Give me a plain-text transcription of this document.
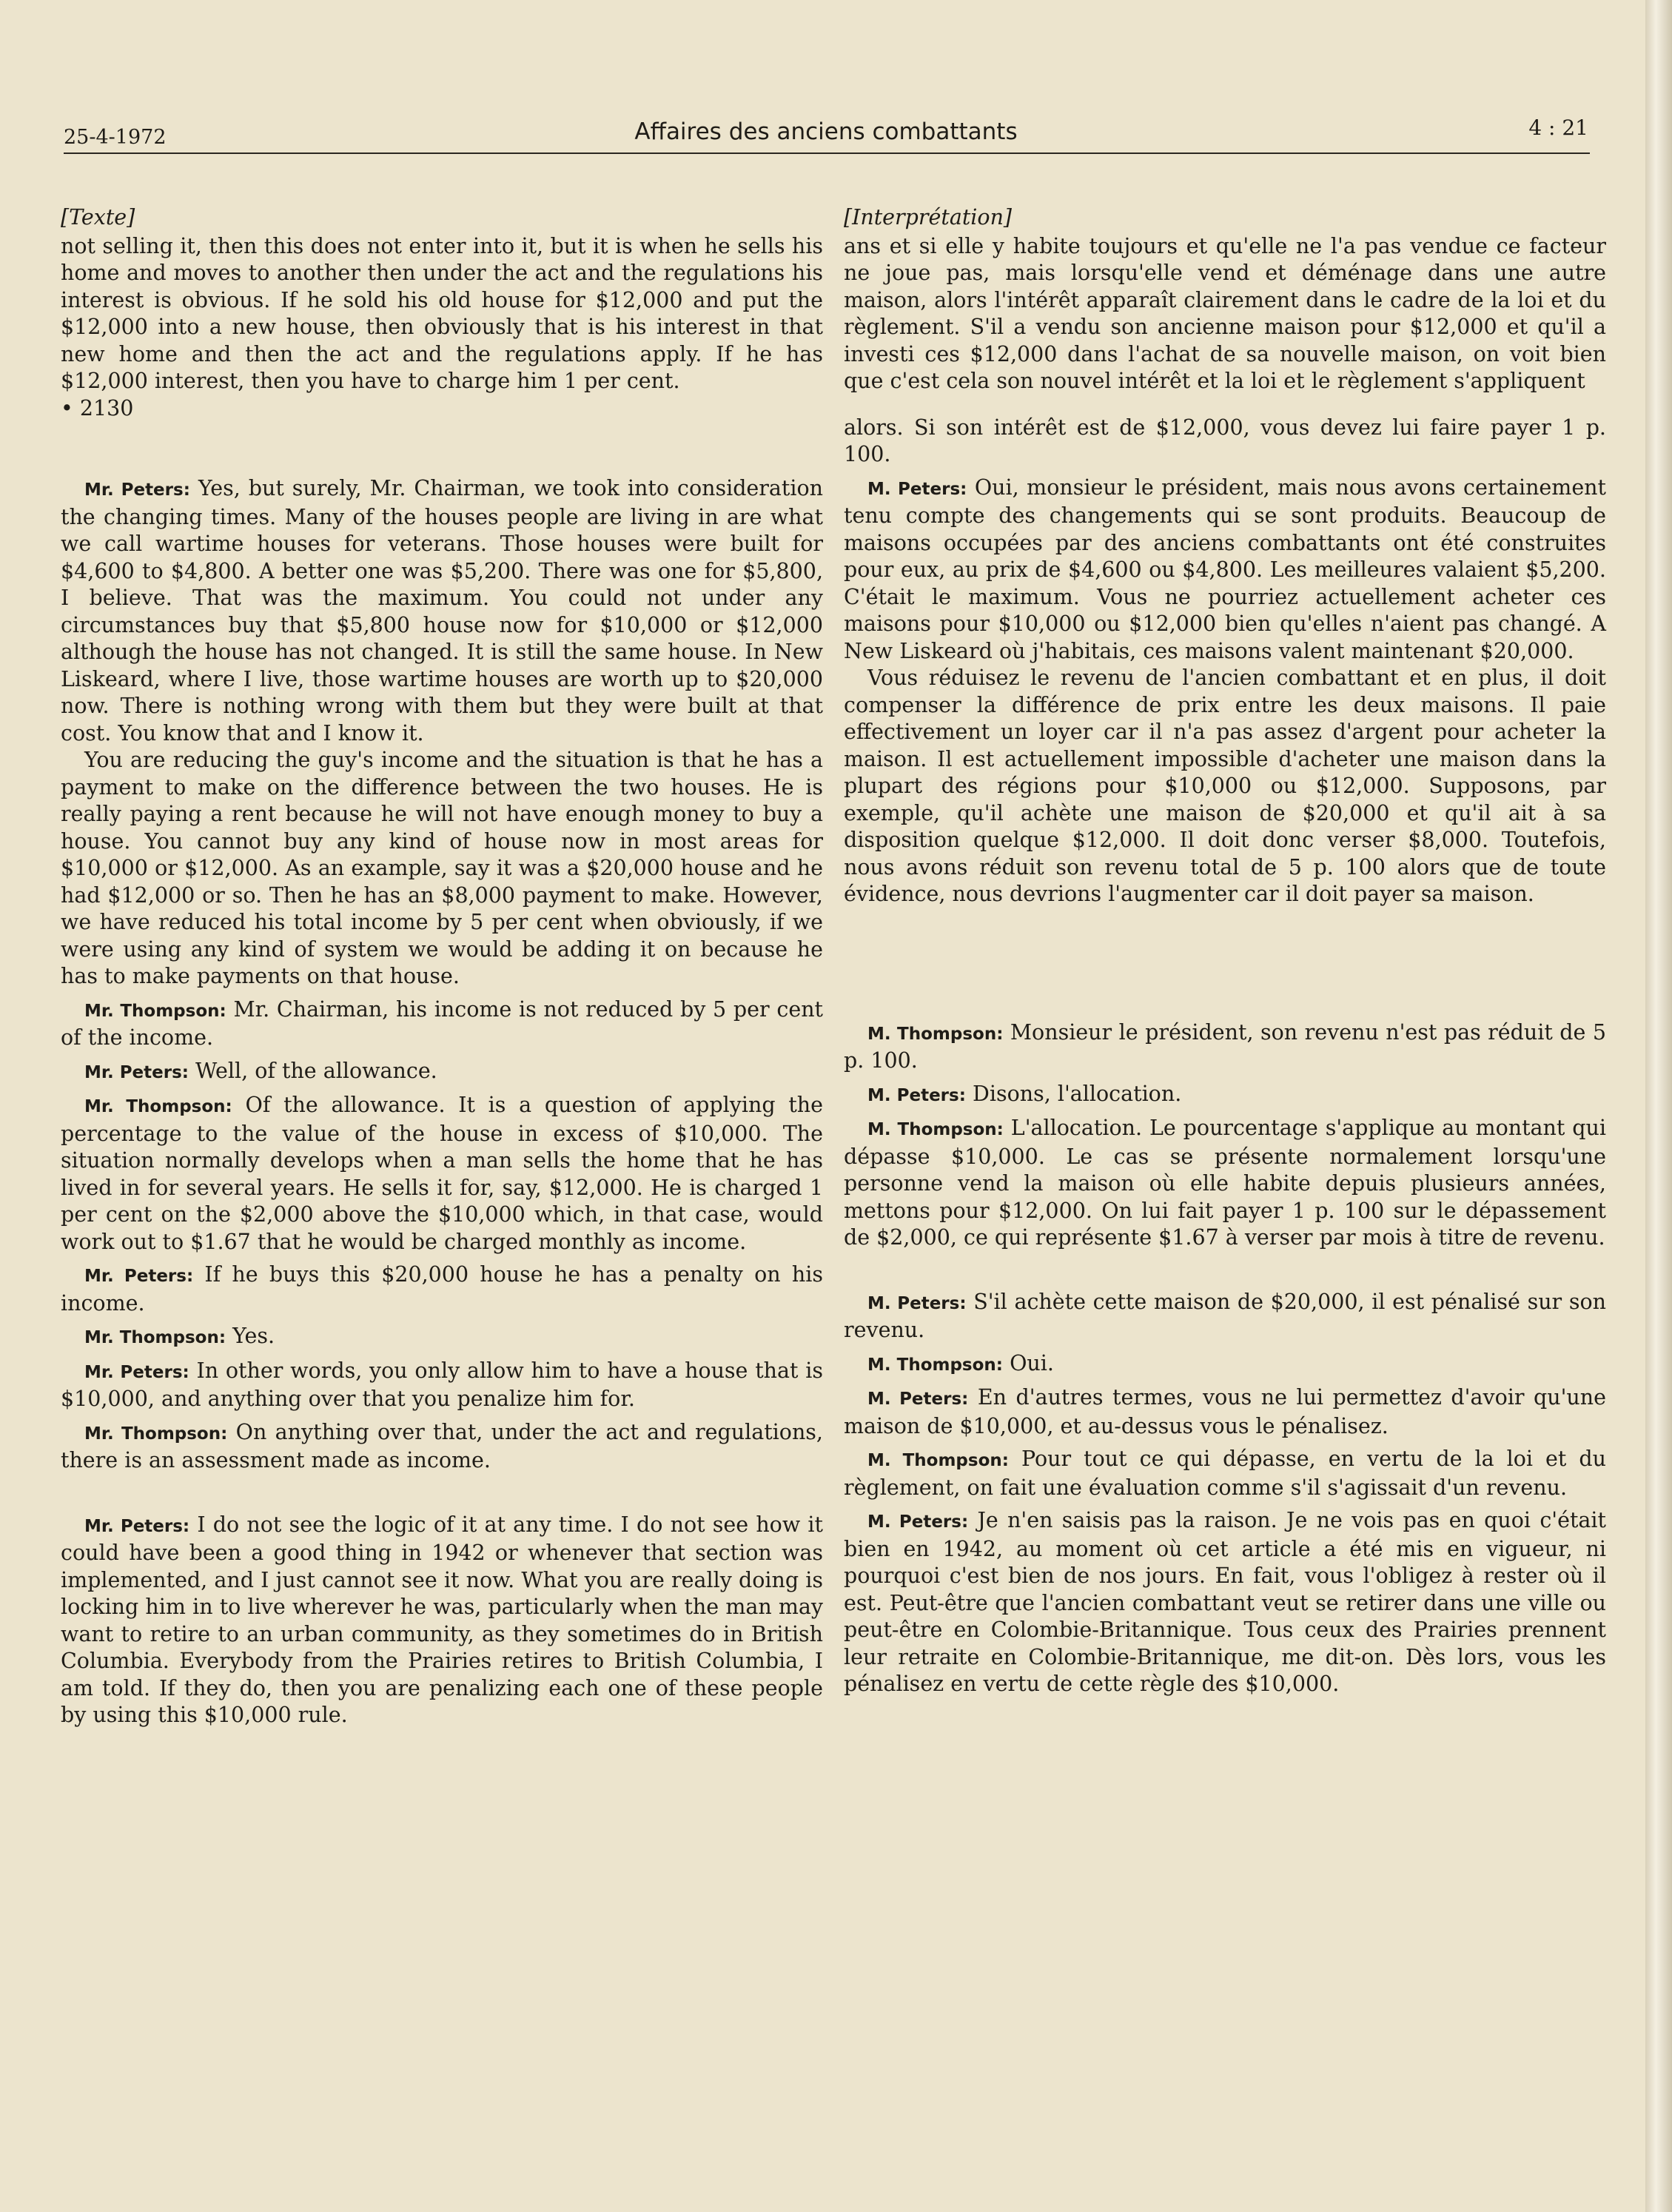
25-4-1972	Affaires des anciens combattants	4 : 21

[Texte]

not selling it, then this does not enter into it, but it is when he sells his home and moves to another then under the act and the regulations his interest is obvious. If he sold his old house for $12,000 and put the $12,000 into a new house, then obviously that is his interest in that new home and then the act and the regulations apply. If he has $12,000 interest, then you have to charge him 1 per cent.

• 2130

Mr. Peters: Yes, but surely, Mr. Chairman, we took into consideration the changing times. Many of the houses people are living in are what we call wartime houses for veterans. Those houses were built for $4,600 to $4,800. A better one was $5,200. There was one for $5,800, I believe. That was the maximum. You could not under any circumstances buy that $5,800 house now for $10,000 or $12,000 although the house has not changed. It is still the same house. In New Liskeard, where I live, those wartime houses are worth up to $20,000 now. There is nothing wrong with them but they were built at that cost. You know that and I know it.

You are reducing the guy's income and the situation is that he has a payment to make on the difference between the two houses. He is really paying a rent because he will not have enough money to buy a house. You cannot buy any kind of house now in most areas for $10,000 or $12,000. As an example, say it was a $20,000 house and he had $12,000 or so. Then he has an $8,000 payment to make. However, we have reduced his total income by 5 per cent when obviously, if we were using any kind of system we would be adding it on because he has to make payments on that house.

Mr. Thompson: Mr. Chairman, his income is not reduced by 5 per cent of the income.

Mr. Peters: Well, of the allowance.

Mr. Thompson: Of the allowance. It is a question of applying the percentage to the value of the house in excess of $10,000. The situation normally develops when a man sells the home that he has lived in for several years. He sells it for, say, $12,000. He is charged 1 per cent on the $2,000 above the $10,000 which, in that case, would work out to $1.67 that he would be charged monthly as income.

Mr. Peters: If he buys this $20,000 house he has a penalty on his income.

Mr. Thompson: Yes.

Mr. Peters: In other words, you only allow him to have a house that is $10,000, and anything over that you penalize him for.

Mr. Thompson: On anything over that, under the act and regulations, there is an assessment made as income.

Mr. Peters: I do not see the logic of it at any time. I do not see how it could have been a good thing in 1942 or whenever that section was implemented, and I just cannot see it now. What you are really doing is locking him in to live wherever he was, particularly when the man may want to retire to an urban community, as they sometimes do in British Columbia. Everybody from the Prairies retires to British Columbia, I am told. If they do, then you are penalizing each one of these people by using this $10,000 rule.

[Interprétation]

ans et si elle y habite toujours et qu'elle ne l'a pas vendue ce facteur ne joue pas, mais lorsqu'elle vend et déménage dans une autre maison, alors l'intérêt apparaît clairement dans le cadre de la loi et du règlement. S'il a vendu son ancienne maison pour $12,000 et qu'il a investi ces $12,000 dans l'achat de sa nouvelle maison, on voit bien que c'est cela son nouvel intérêt et la loi et le règlement s'appliquent

alors. Si son intérêt est de $12,000, vous devez lui faire payer 1 p. 100.

M. Peters: Oui, monsieur le président, mais nous avons certainement tenu compte des changements qui se sont produits. Beaucoup de maisons occupées par des anciens combattants ont été construites pour eux, au prix de $4,600 ou $4,800. Les meilleures valaient $5,200. C'était le maximum. Vous ne pourriez actuellement acheter ces maisons pour $10,000 ou $12,000 bien qu'elles n'aient pas changé. A New Liskeard où j'habitais, ces maisons valent maintenant $20,000.

Vous réduisez le revenu de l'ancien combattant et en plus, il doit compenser la différence de prix entre les deux maisons. Il paie effectivement un loyer car il n'a pas assez d'argent pour acheter la maison. Il est actuellement impossible d'acheter une maison dans la plupart des régions pour $10,000 ou $12,000. Supposons, par exemple, qu'il achète une maison de $20,000 et qu'il ait à sa disposition quelque $12,000. Il doit donc verser $8,000. Toutefois, nous avons réduit son revenu total de 5 p. 100 alors que de toute évidence, nous devrions l'augmenter car il doit payer sa maison.

M. Thompson: Monsieur le président, son revenu n'est pas réduit de 5 p. 100.

M. Peters: Disons, l'allocation.

M. Thompson: L'allocation. Le pourcentage s'applique au montant qui dépasse $10,000. Le cas se présente normalement lorsqu'une personne vend la maison où elle habite depuis plusieurs années, mettons pour $12,000. On lui fait payer 1 p. 100 sur le dépassement de $2,000, ce qui représente $1.67 à verser par mois à titre de revenu.

M. Peters: S'il achète cette maison de $20,000, il est pénalisé sur son revenu.

M. Thompson: Oui.

M. Peters: En d'autres termes, vous ne lui permettez d'avoir qu'une maison de $10,000, et au-dessus vous le pénalisez.

M. Thompson: Pour tout ce qui dépasse, en vertu de la loi et du règlement, on fait une évaluation comme s'il s'agissait d'un revenu.

M. Peters: Je n'en saisis pas la raison. Je ne vois pas en quoi c'était bien en 1942, au moment où cet article a été mis en vigueur, ni pourquoi c'est bien de nos jours. En fait, vous l'obligez à rester où il est. Peut-être que l'ancien combattant veut se retirer dans une ville ou peut-être en Colombie-Britannique. Tous ceux des Prairies prennent leur retraite en Colombie-Britannique, me dit-on. Dès lors, vous les pénalisez en vertu de cette règle des $10,000.
